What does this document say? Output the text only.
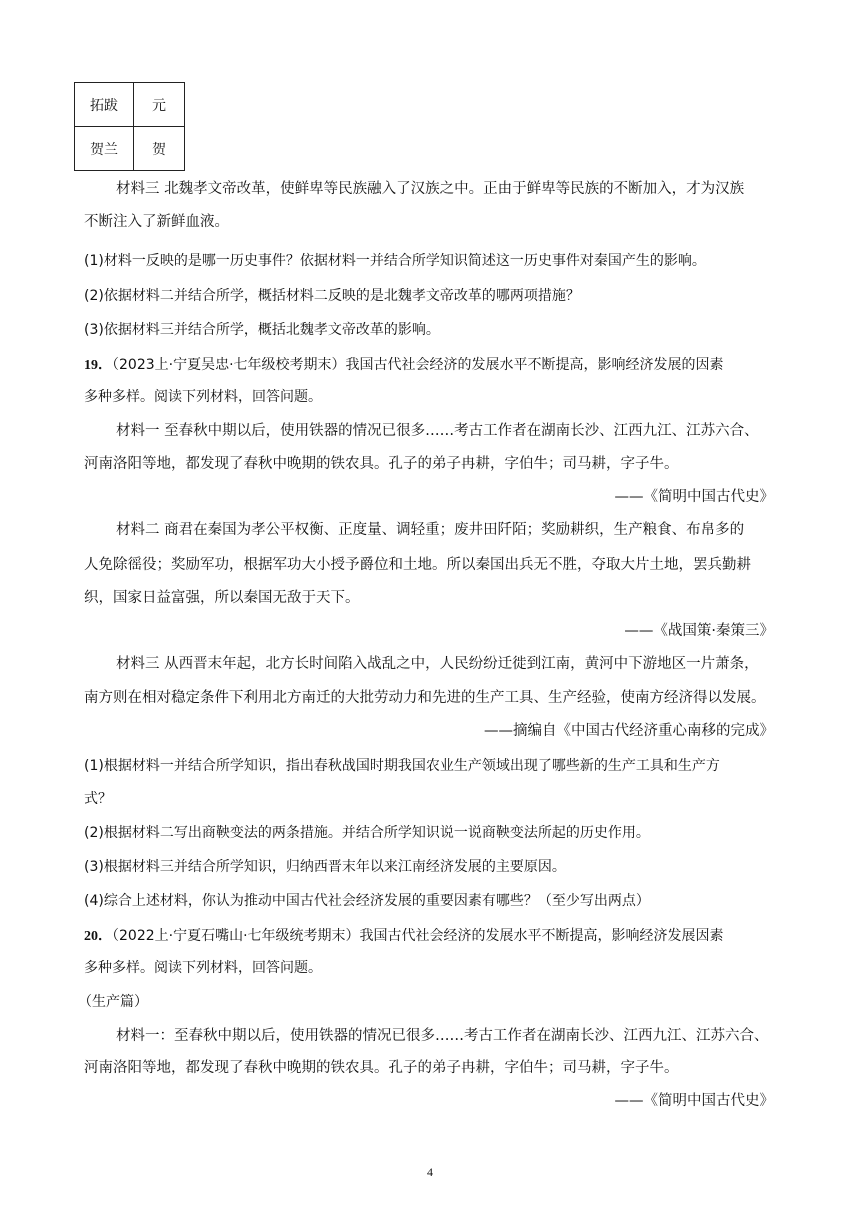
拓跋	元
贺兰	贺
材料三 北魏孝文帝改革，使鲜卑等民族融入了汉族之中。正由于鲜卑等民族的不断加入，才为汉族
不断注入了新鲜血液。
(1)材料一反映的是哪一历史事件？依据材料一并结合所学知识简述这一历史事件对秦国产生的影响。
(2)依据材料二并结合所学，概括材料二反映的是北魏孝文帝改革的哪两项措施？
(3)依据材料三并结合所学，概括北魏孝文帝改革的影响。
19．（2023上·宁夏吴忠·七年级校考期末）我国古代社会经济的发展水平不断提高，影响经济发展的因素
多种多样。阅读下列材料，回答问题。
材料一 至春秋中期以后，使用铁器的情况已很多……考古工作者在湖南长沙、江西九江、江苏六合、
河南洛阳等地，都发现了春秋中晚期的铁农具。孔子的弟子冉耕，字伯牛；司马耕，字子牛。
——《简明中国古代史》
材料二 商君在秦国为孝公平权衡、正度量、调轻重；废井田阡陌；奖励耕织，生产粮食、布帛多的
人免除徭役；奖励军功，根据军功大小授予爵位和土地。所以秦国出兵无不胜，夺取大片土地，罢兵勤耕
织，国家日益富强，所以秦国无敌于天下。
——《战国策·秦策三》
材料三 从西晋末年起，北方长时间陷入战乱之中，人民纷纷迁徙到江南，黄河中下游地区一片萧条，
南方则在相对稳定条件下利用北方南迁的大批劳动力和先进的生产工具、生产经验，使南方经济得以发展。
——摘编自《中国古代经济重心南移的完成》
(1)根据材料一并结合所学知识，指出春秋战国时期我国农业生产领域出现了哪些新的生产工具和生产方
式？
(2)根据材料二写出商鞅变法的两条措施。并结合所学知识说一说商鞅变法所起的历史作用。
(3)根据材料三并结合所学知识，归纳西晋末年以来江南经济发展的主要原因。
(4)综合上述材料，你认为推动中国古代社会经济发展的重要因素有哪些？（至少写出两点）
20．（2022上·宁夏石嘴山·七年级统考期末）我国古代社会经济的发展水平不断提高，影响经济发展因素
多种多样。阅读下列材料，回答问题。
（生产篇）
材料一：至春秋中期以后，使用铁器的情况已很多……考古工作者在湖南长沙、江西九江、江苏六合、
河南洛阳等地，都发现了春秋中晚期的铁农具。孔子的弟子冉耕，字伯牛；司马耕，字子牛。
——《简明中国古代史》
4
